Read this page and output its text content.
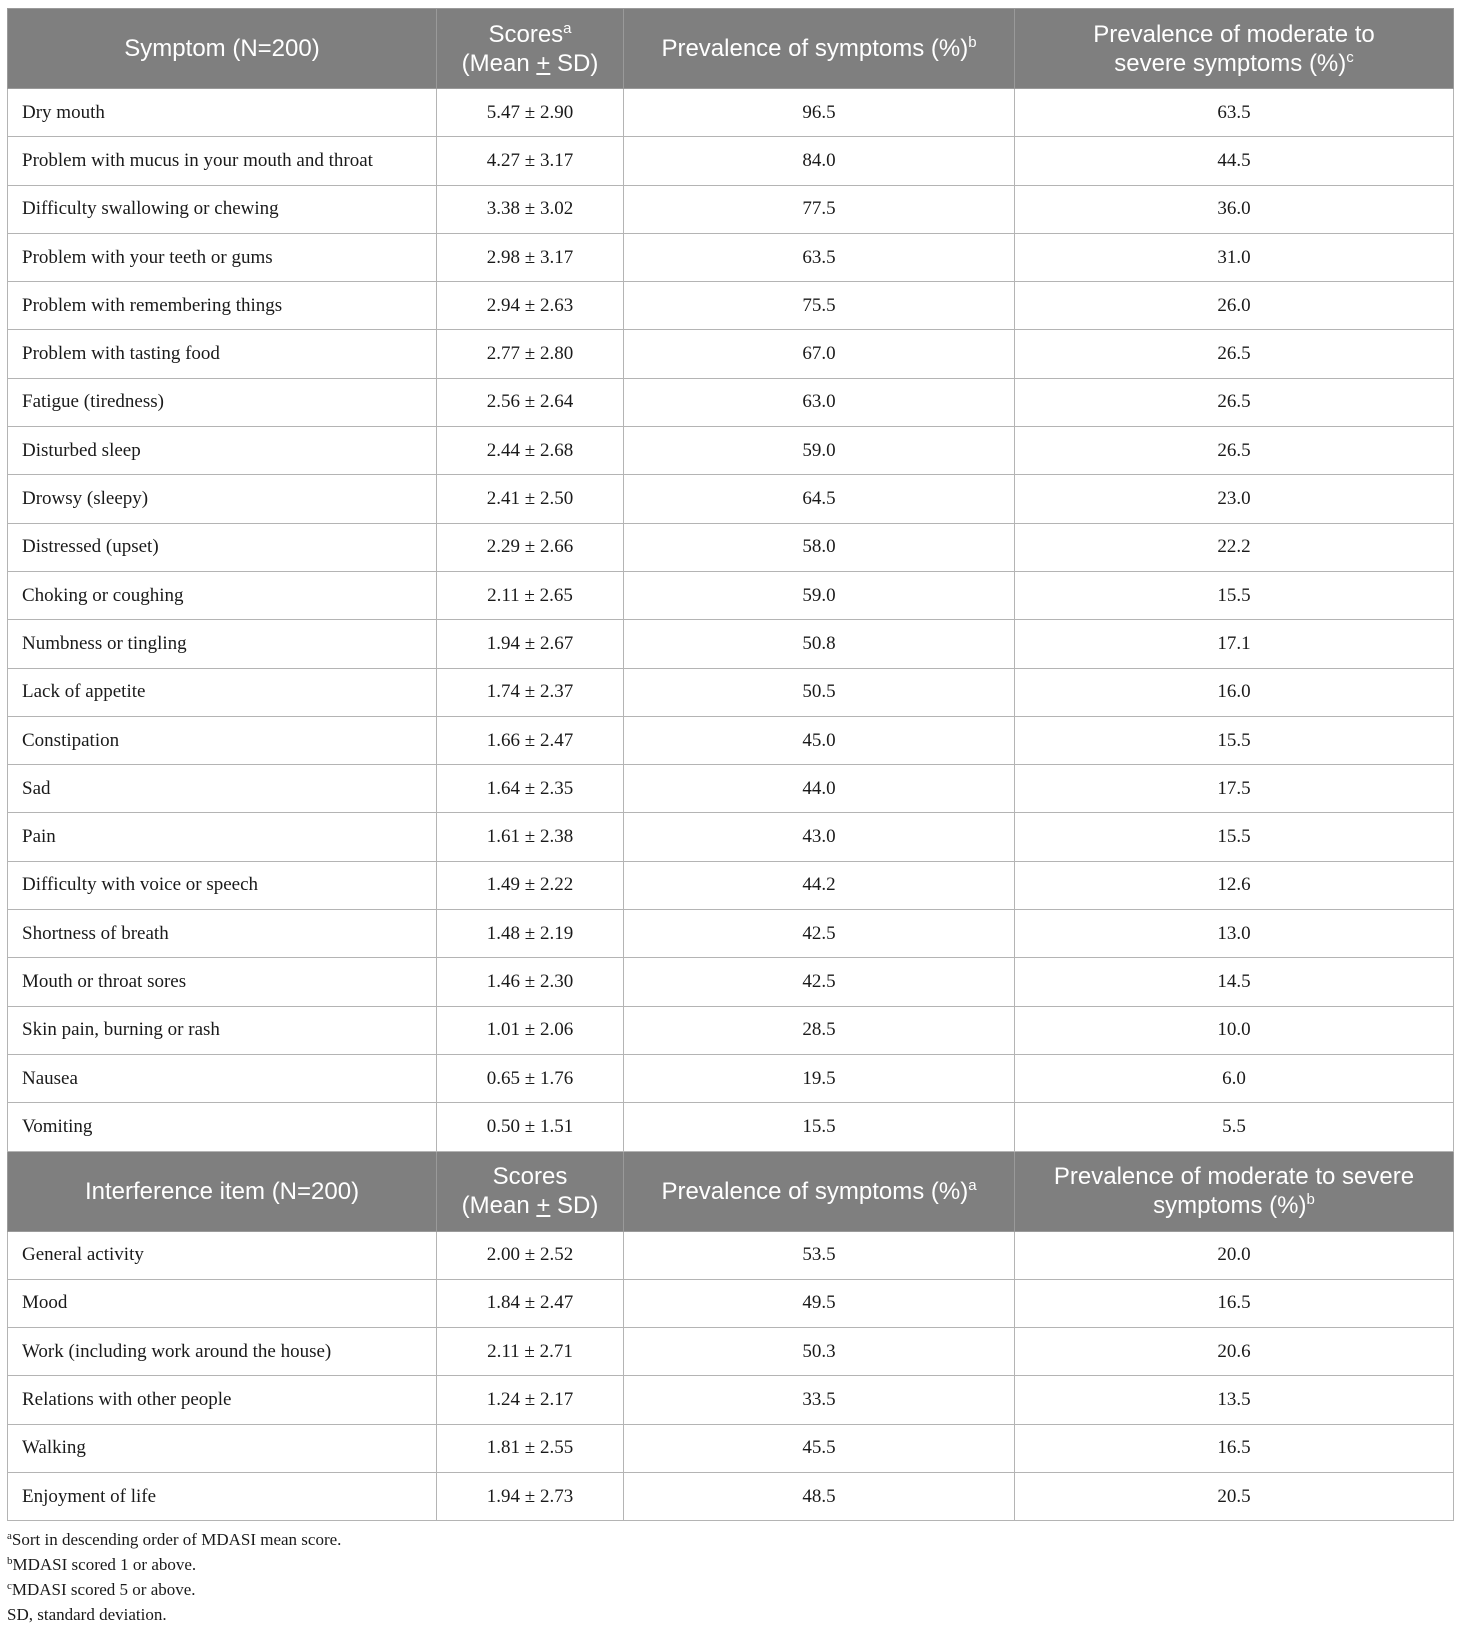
Symptom (N=200)	Scores$^a$
(Mean + SD)	Prevalence of symptoms (%)$^b$	Prevalence of moderate to
severe symptoms (%)$^c$
Dry mouth	5.47 ± 2.90	96.5	63.5
Problem with mucus in your mouth and throat	4.27 ± 3.17	84.0	44.5
Difficulty swallowing or chewing	3.38 ± 3.02	77.5	36.0
Problem with your teeth or gums	2.98 ± 3.17	63.5	31.0
Problem with remembering things	2.94 ± 2.63	75.5	26.0
Problem with tasting food	2.77 ± 2.80	67.0	26.5
Fatigue (tiredness)	2.56 ± 2.64	63.0	26.5
Disturbed sleep	2.44 ± 2.68	59.0	26.5
Drowsy (sleepy)	2.41 ± 2.50	64.5	23.0
Distressed (upset)	2.29 ± 2.66	58.0	22.2
Choking or coughing	2.11 ± 2.65	59.0	15.5
Numbness or tingling	1.94 ± 2.67	50.8	17.1
Lack of appetite	1.74 ± 2.37	50.5	16.0
Constipation	1.66 ± 2.47	45.0	15.5
Sad	1.64 ± 2.35	44.0	17.5
Pain	1.61 ± 2.38	43.0	15.5
Difficulty with voice or speech	1.49 ± 2.22	44.2	12.6
Shortness of breath	1.48 ± 2.19	42.5	13.0
Mouth or throat sores	1.46 ± 2.30	42.5	14.5
Skin pain, burning or rash	1.01 ± 2.06	28.5	10.0
Nausea	0.65 ± 1.76	19.5	6.0
Vomiting	0.50 ± 1.51	15.5	5.5
Interference item (N=200)	Scores
(Mean + SD)	Prevalence of symptoms (%)$^a$	Prevalence of moderate to severe
symptoms (%)$^b$
General activity	2.00 ± 2.52	53.5	20.0
Mood	1.84 ± 2.47	49.5	16.5
Work (including work around the house)	2.11 ± 2.71	50.3	20.6
Relations with other people	1.24 ± 2.17	33.5	13.5
Walking	1.81 ± 2.55	45.5	16.5
Enjoyment of life	1.94 ± 2.73	48.5	20.5
$^a$Sort in descending order of MDASI mean score.
$^b$MDASI scored 1 or above.
$^c$MDASI scored 5 or above.
SD, standard deviation.
